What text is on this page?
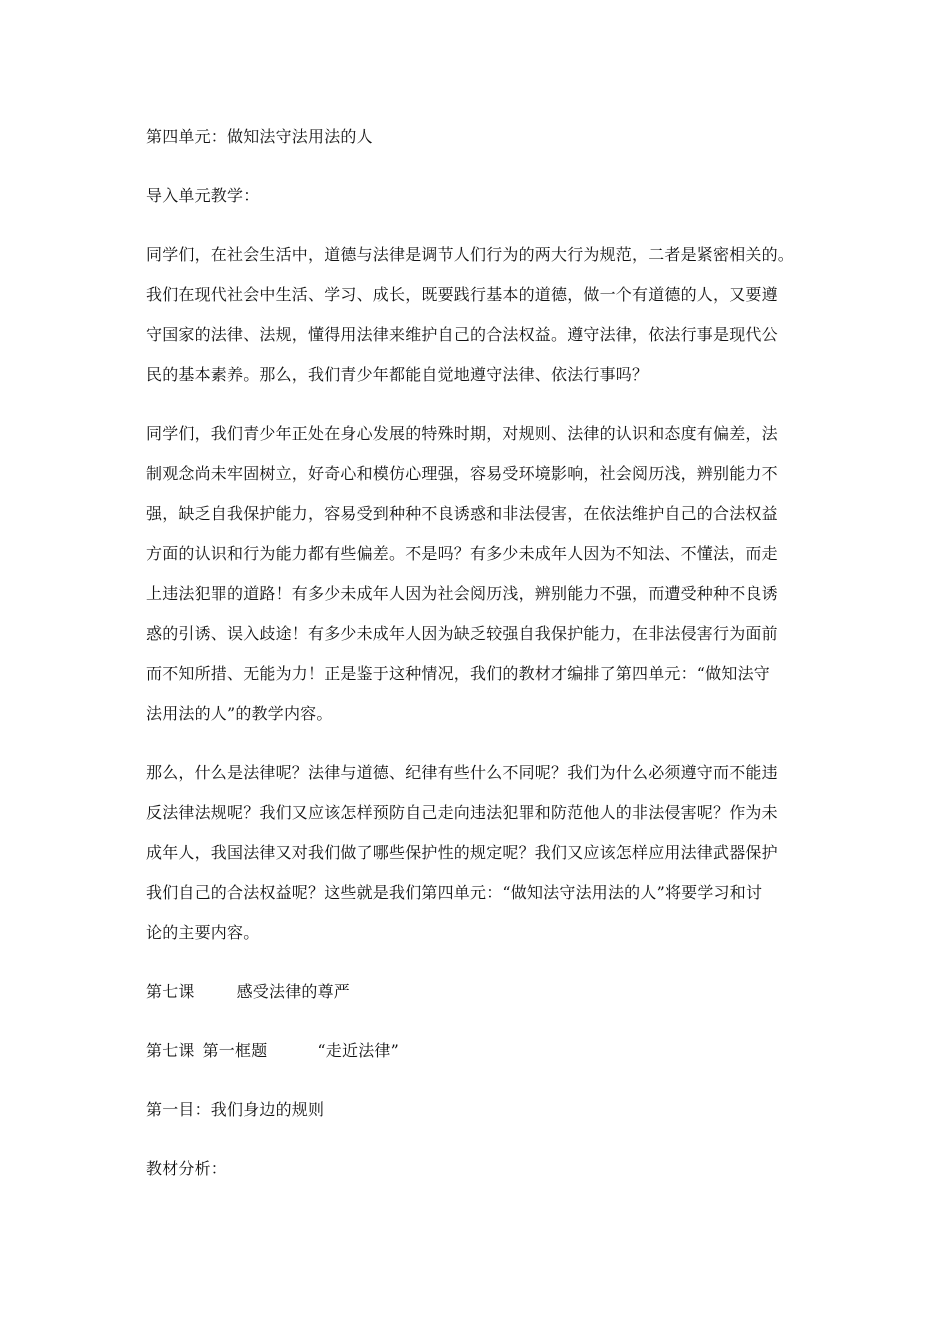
第四单元：做知法守法用法的人
导入单元教学：
同学们，在社会生活中，道德与法律是调节人们行为的两大行为规范，二者是紧密相关的。
我们在现代社会中生活、学习、成长，既要践行基本的道德，做一个有道德的人，又要遵
守国家的法律、法规，懂得用法律来维护自己的合法权益。遵守法律，依法行事是现代公
民的基本素养。那么，我们青少年都能自觉地遵守法律、依法行事吗？
同学们，我们青少年正处在身心发展的特殊时期，对规则、法律的认识和态度有偏差，法
制观念尚未牢固树立，好奇心和模仿心理强，容易受环境影响，社会阅历浅，辨别能力不
强，缺乏自我保护能力，容易受到种种不良诱惑和非法侵害，在依法维护自己的合法权益
方面的认识和行为能力都有些偏差。不是吗？有多少未成年人因为不知法、不懂法，而走
上违法犯罪的道路！有多少未成年人因为社会阅历浅，辨别能力不强，而遭受种种不良诱
惑的引诱、误入歧途！有多少未成年人因为缺乏较强自我保护能力，在非法侵害行为面前
而不知所措、无能为力！正是鉴于这种情况，我们的教材才编排了第四单元：“做知法守
法用法的人”的教学内容。
那么，什么是法律呢？法律与道德、纪律有些什么不同呢？我们为什么必须遵守而不能违
反法律法规呢？我们又应该怎样预防自己走向违法犯罪和防范他人的非法侵害呢？作为未
成年人，我国法律又对我们做了哪些保护性的规定呢？我们又应该怎样应用法律武器保护
我们自己的合法权益呢？这些就是我们第四单元：“做知法守法用法的人”将要学习和讨
论的主要内容。
第七课	感受法律的尊严
第七课 第一框题	“走近法律”
第一目：我们身边的规则
教材分析：
